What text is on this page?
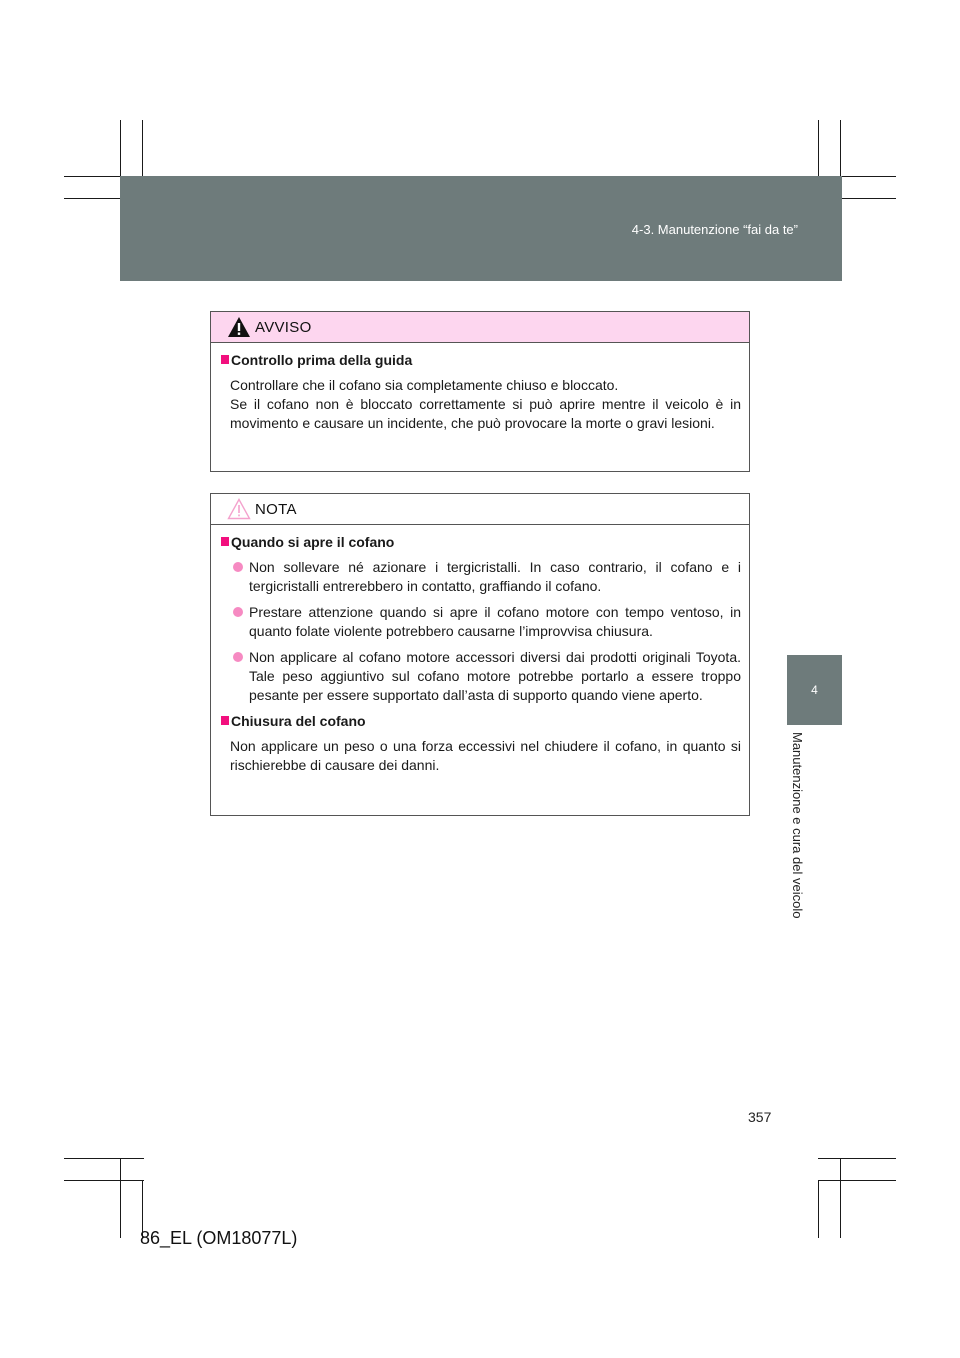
4-3. Manutenzione “fai da te”
4
Manutenzione e cura del veicolo
AVVISO
Controllo prima della guida

Controllare che il cofano sia completamente chiuso e bloccato.

Se il cofano non è bloccato correttamente si può aprire mentre il veicolo è in movimento e causare un incidente, che può provocare la morte o gravi lesioni.

NOTA
Quando si apre il cofano
Non sollevare né azionare i tergicristalli. In caso contrario, il cofano e i tergicristalli entrerebbero in contatto, graffiando il cofano.
Prestare attenzione quando si apre il cofano motore con tempo ventoso, in quanto folate violente potrebbero causarne l’improvvisa chiusura.
Non applicare al cofano motore accessori diversi dai prodotti originali Toyota. Tale peso aggiuntivo sul cofano motore potrebbe portarlo a essere troppo pesante per essere supportato dall’asta di supporto quando viene aperto.
Chiusura del cofano

Non applicare un peso o una forza eccessivi nel chiudere il cofano, in quanto si rischierebbe di causare dei danni.

357
86_EL (OM18077L)
